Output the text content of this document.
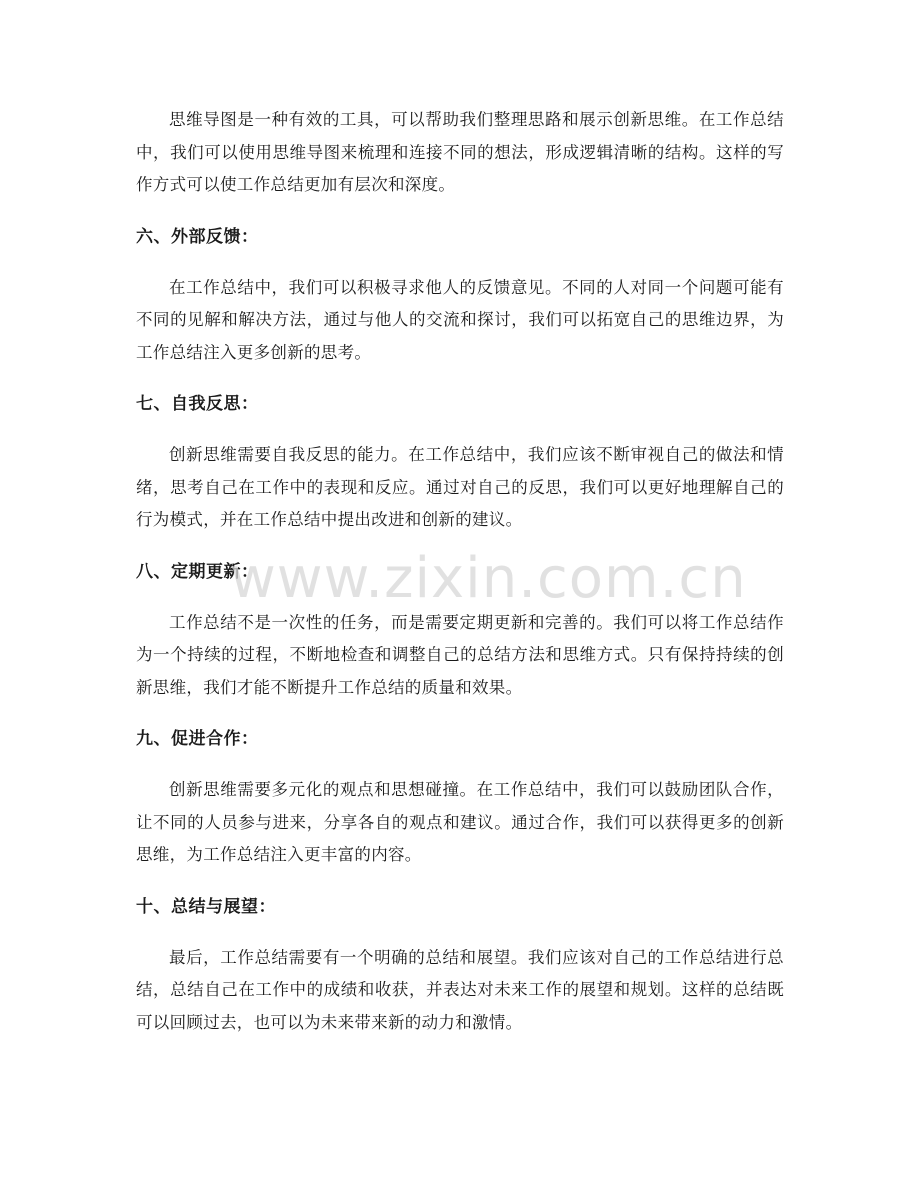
思维导图是一种有效的工具，可以帮助我们整理思路和展示创新思维。在工作总结中，我们可以使用思维导图来梳理和连接不同的想法，形成逻辑清晰的结构。这样的写作方式可以使工作总结更加有层次和深度。

六、外部反馈：

在工作总结中，我们可以积极寻求他人的反馈意见。不同的人对同一个问题可能有不同的见解和解决方法，通过与他人的交流和探讨，我们可以拓宽自己的思维边界，为工作总结注入更多创新的思考。

七、自我反思：

创新思维需要自我反思的能力。在工作总结中，我们应该不断审视自己的做法和情绪，思考自己在工作中的表现和反应。通过对自己的反思，我们可以更好地理解自己的行为模式，并在工作总结中提出改进和创新的建议。

八、定期更新：

工作总结不是一次性的任务，而是需要定期更新和完善的。我们可以将工作总结作为一个持续的过程，不断地检查和调整自己的总结方法和思维方式。只有保持持续的创新思维，我们才能不断提升工作总结的质量和效果。

九、促进合作：

创新思维需要多元化的观点和思想碰撞。在工作总结中，我们可以鼓励团队合作，让不同的人员参与进来，分享各自的观点和建议。通过合作，我们可以获得更多的创新思维，为工作总结注入更丰富的内容。

十、总结与展望：

最后，工作总结需要有一个明确的总结和展望。我们应该对自己的工作总结进行总结，总结自己在工作中的成绩和收获，并表达对未来工作的展望和规划。这样的总结既可以回顾过去，也可以为未来带来新的动力和激情。

www.zixin.com.cn
